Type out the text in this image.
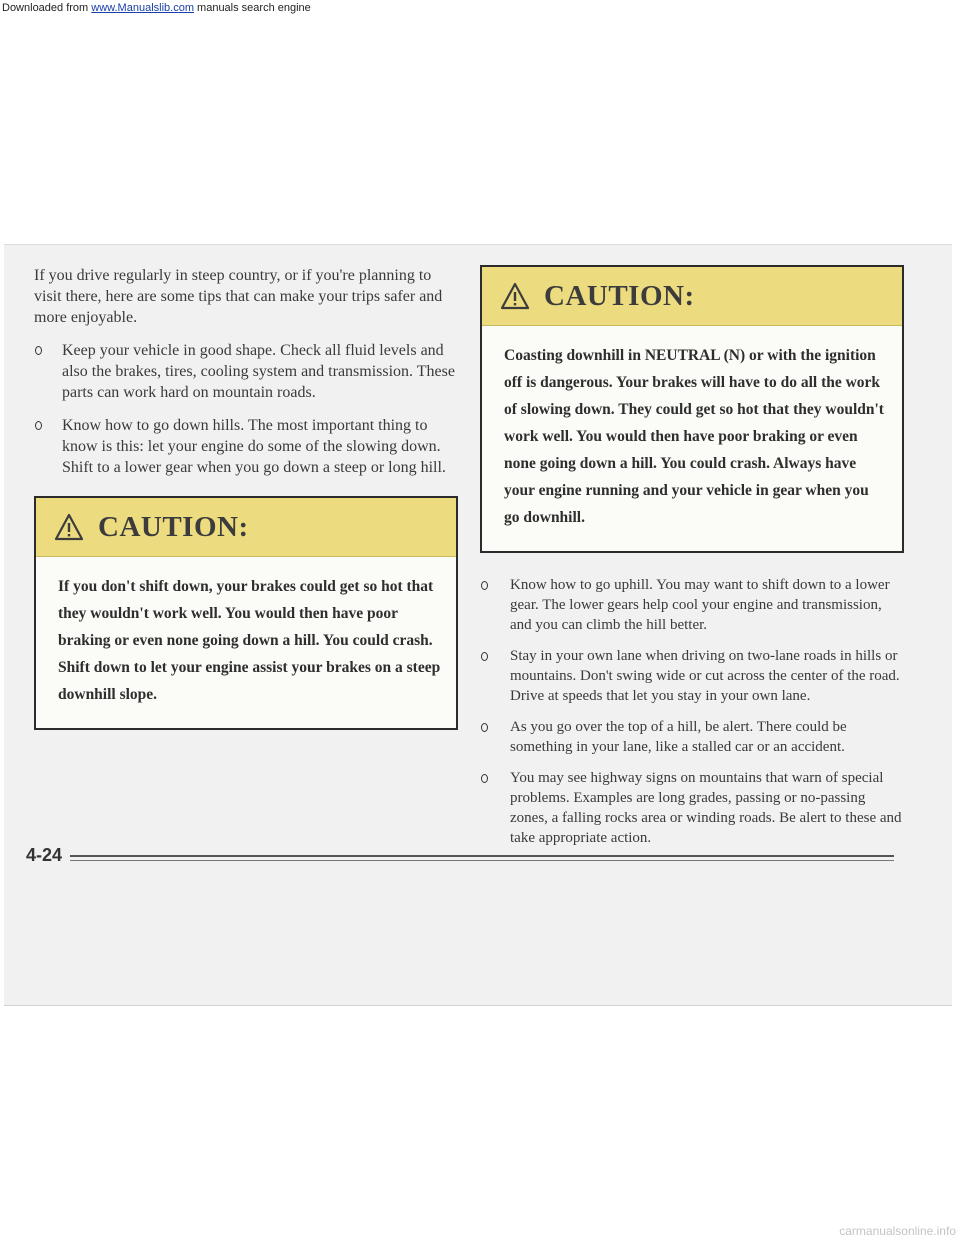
Downloaded from www.Manualslib.com manuals search engine

If you drive regularly in steep country, or if you're planning to visit there, here are some tips that can make your trips safer and more enjoyable.

Keep your vehicle in good shape. Check all fluid levels and also the brakes, tires, cooling system and transmission. These parts can work hard on mountain roads.
Know how to go down hills. The most important thing to know is this: let your engine do some of the slowing down. Shift to a lower gear when you go down a steep or long hill.
CAUTION:
If you don't shift down, your brakes could get so hot that they wouldn't work well. You would then have poor braking or even none going down a hill. You could crash. Shift down to let your engine assist your brakes on a steep downhill slope.
CAUTION:
Coasting downhill in NEUTRAL (N) or with the ignition off is dangerous. Your brakes will have to do all the work of slowing down. They could get so hot that they wouldn't work well. You would then have poor braking or even none going down a hill. You could crash. Always have your engine running and your vehicle in gear when you go downhill.
Know how to go uphill. You may want to shift down to a lower gear. The lower gears help cool your engine and transmission, and you can climb the hill better.
Stay in your own lane when driving on two-lane roads in hills or mountains. Don't swing wide or cut across the center of the road. Drive at speeds that let you stay in your own lane.
As you go over the top of a hill, be alert. There could be something in your lane, like a stalled car or an accident.
You may see highway signs on mountains that warn of special problems. Examples are long grades, passing or no-passing zones, a falling rocks area or winding roads. Be alert to these and take appropriate action.
4-24
carmanualsonline.info
